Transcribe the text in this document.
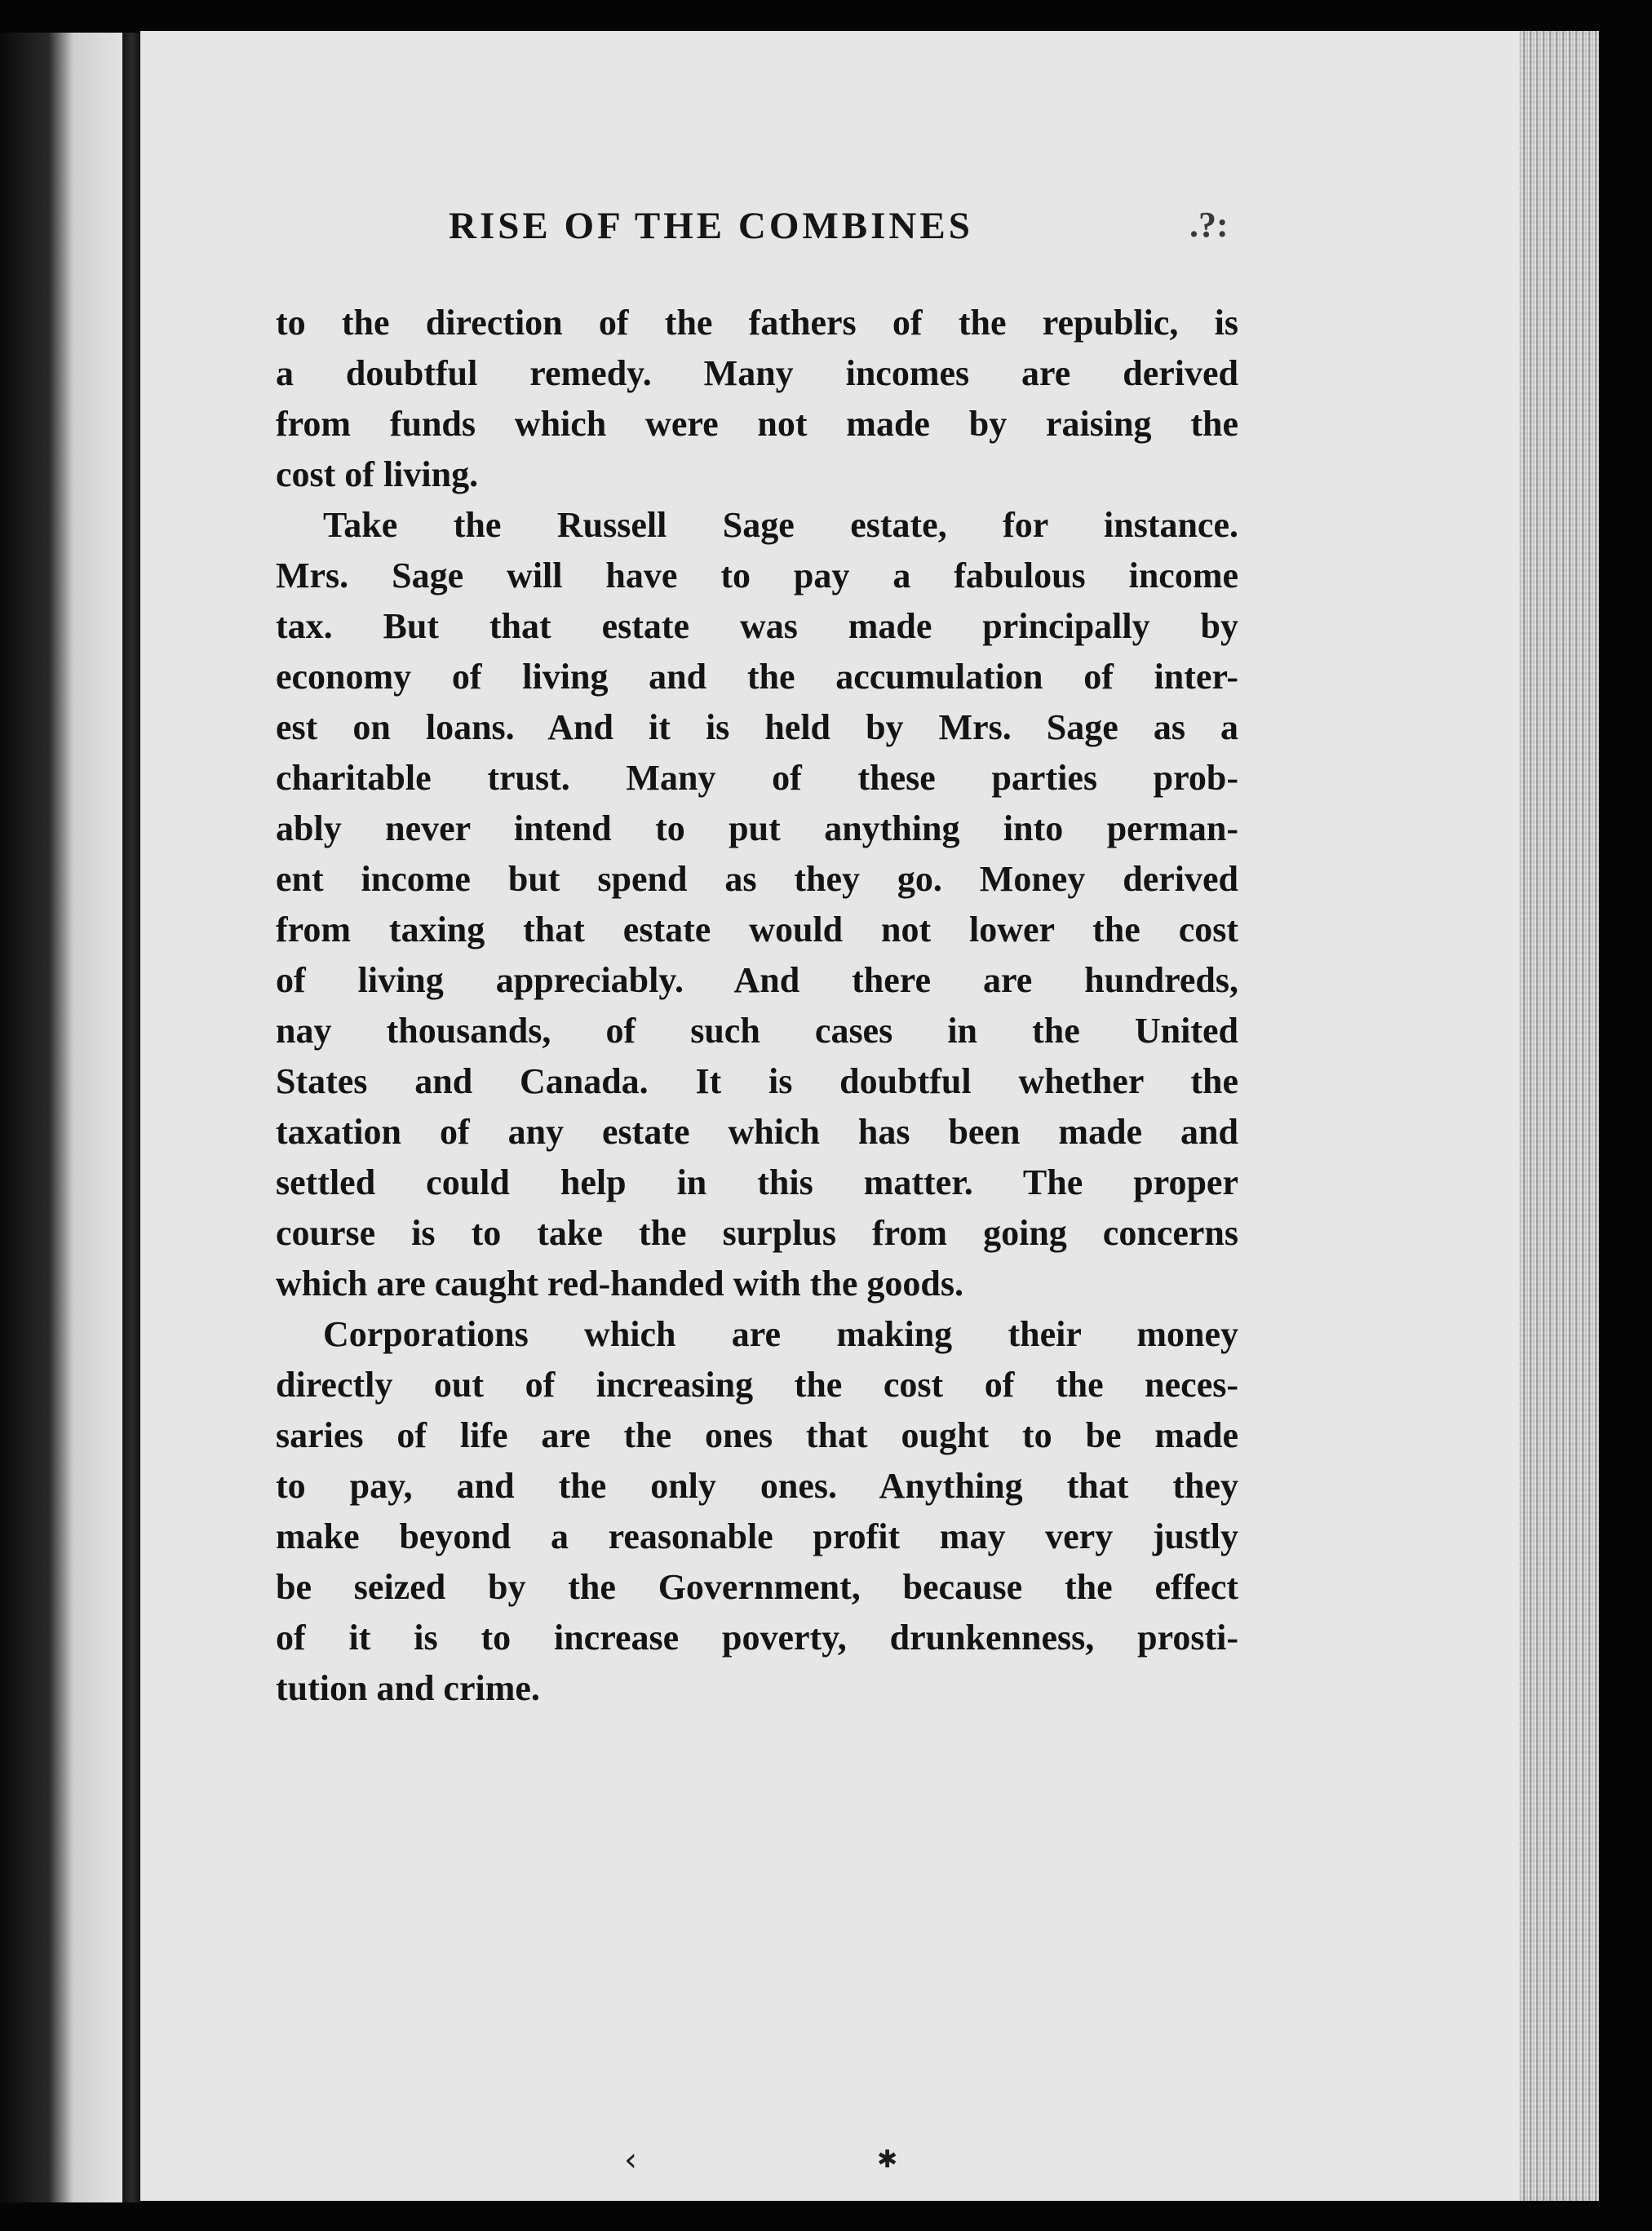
RISE OF THE COMBINES	.?:
to the direction of the fathers of the republic, is
a doubtful remedy. Many incomes are derived
from funds which were not made by raising the
cost of living.
Take the Russell Sage estate, for instance.
Mrs. Sage will have to pay a fabulous income
tax. But that estate was made principally by
economy of living and the accumulation of inter-
est on loans. And it is held by Mrs. Sage as a
charitable trust. Many of these parties prob-
ably never intend to put anything into perman-
ent income but spend as they go. Money derived
from taxing that estate would not lower the cost
of living appreciably. And there are hundreds,
nay thousands, of such cases in the United
States and Canada. It is doubtful whether the
taxation of any estate which has been made and
settled could help in this matter. The proper
course is to take the surplus from going concerns
which are caught red-handed with the goods.
Corporations which are making their money
directly out of increasing the cost of the neces-
saries of life are the ones that ought to be made
to pay, and the only ones. Anything that they
make beyond a reasonable profit may very justly
be seized by the Government, because the effect
of it is to increase poverty, drunkenness, prosti-
tution and crime.
‹	✱
